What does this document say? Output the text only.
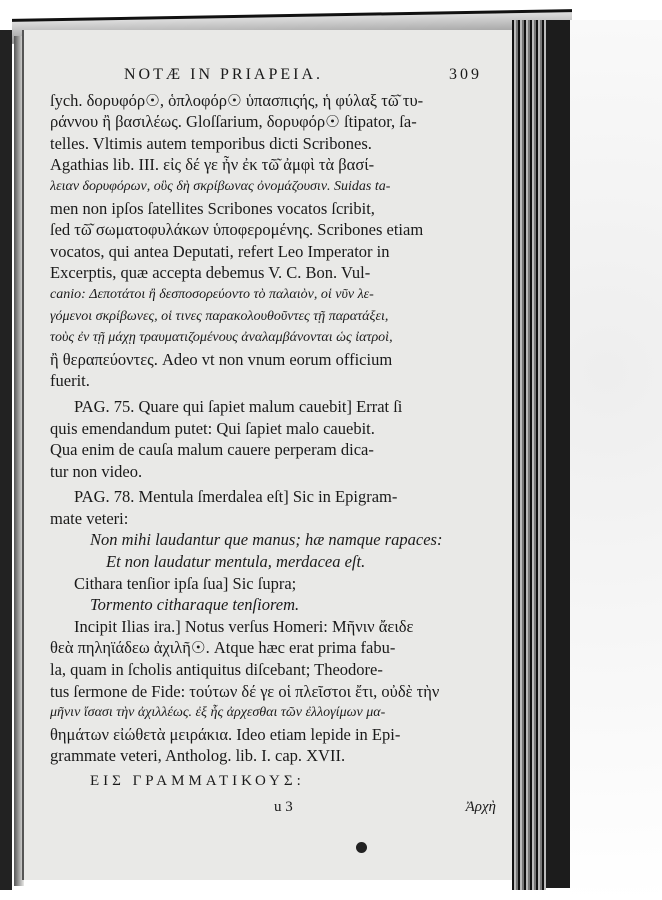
NOTÆ IN PRIAPEIA.	309
ſych. δορυφόρ☉, ὁπλοφόρ☉ ὑπασπιςής, ἡ φύλαξ τῶ͂ τυ-
ράννου ἢ βασιλέως. Gloſſarium, δορυφόρ☉ ſtipator, ſa-
telles. Vltimis autem temporibus dicti Scribones.
Agathias lib. III. εἰς δέ γε ἦν ἐκ τῶ͂ ἀμφὶ τὰ βασί-
λειαν δορυφόρων, οὓς δὴ σκρίβωνας ὀνομάζουσιν. Suidas ta-
men non ipſos ſatellites Scribones vocatos ſcribit,
ſed τῶ͂ σωματοφυλάκων ὑποφερομένης. Scribones etiam
vocatos, qui antea Deputati, refert Leo Imperator in
Excerptis, quæ accepta debemus V. C. Bon. Vul-
canio: Δεπoτάτοι ἢ δεσποσορεύοντο τὸ παλαιὸν, οἱ νῦν λε-
γόμενοι σκρίβωνες, οἱ τινες παρακολουθοῦντες τῇ παρατάξει,
τοὺς ἐν τῇ μάχῃ τραυματιζομένους ἀναλαμβάνονται ὡς ἰατροὶ,
ἢ θεραπεύοντες. Adeo vt non vnum eorum officium
fuerit.
PAG. 75. Quare qui ſapiet malum cauebit] Errat ſi
quis emendandum putet: Qui ſapiet malo cauebit.
Qua enim de cauſa malum cauere perperam dica-
tur non video.
PAG. 78. Mentula ſmerdalea eſt] Sic in Epigram-
mate veteri:
Non mihi laudantur que manus; hæ namque rapaces:
Et non laudatur mentula, merdacea eſt.
Cithara tenſior ipſa ſua] Sic ſupra;
Tormento citharaque tenſiorem.
Incipit Ilias ira.] Notus verſus Homeri: Μῆνιν ἄειδε
θεὰ πηληϊάδεω ἀχιλῆ☉. Atque hæc erat prima fabu-
la, quam in ſcholis antiquitus diſcebant; Theodore-
tus ſermone de Fide: τούτων δέ γε οἱ πλεῖστοι ἔτι, οὐδὲ τὴν
μῆνιν ἴσασι τὴν ἀχιλλέως. ἐξ ἧς ἀρχεσθαι τῶν ἐλλογίμων μα-
θημάτων εἰώθετὰ μειράκια. Ideo etiam lepide in Epi-
grammate veteri, Antholog. lib. I. cap. XVII.
ΕΙΣ ΓΡΑΜΜΑΤΙΚΟΥΣ:
u 3	Ἀρχὴ
